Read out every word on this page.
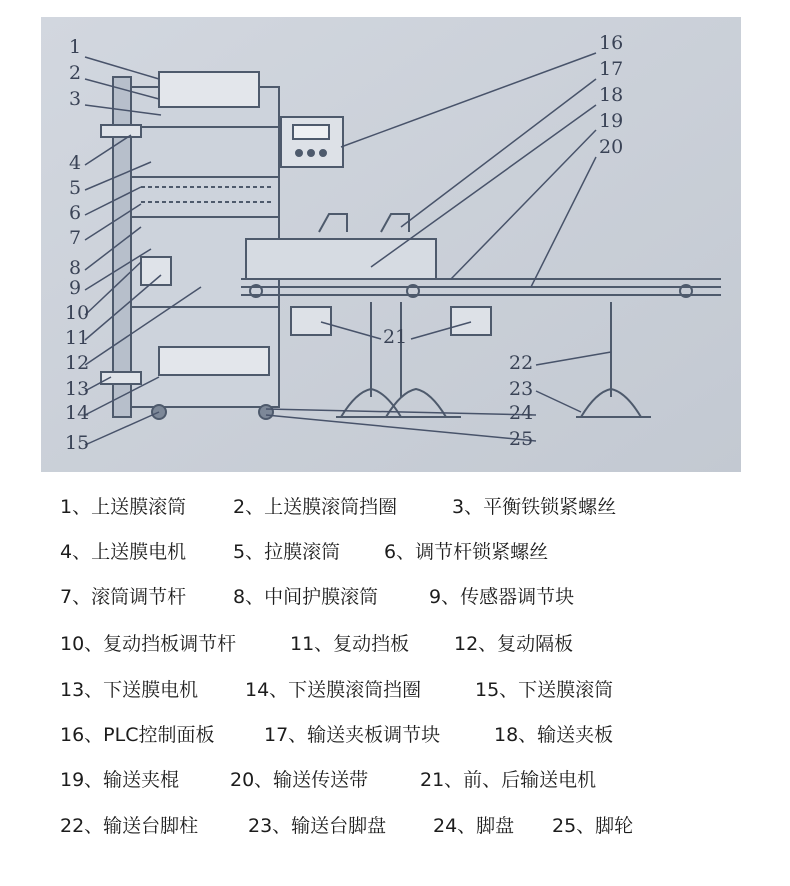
1
2
3
4
5
6
7
8
9
10
11
12
13
14
15
16
17
18
19
20
21
22
23
24
25
1、上送膜滚筒 2、上送膜滚筒挡圈	3、平衡铁锁紧螺丝
4、上送膜电机 5、拉膜滚筒 6、调节杆锁紧螺丝
7、滚筒调节杆 8、中间护膜滚筒	9、传感器调节块
10、复动挡板调节杆	11、复动挡板 12、复动隔板
13、下送膜电机 14、下送膜滚筒挡圈	15、下送膜滚筒
16、PLC控制面板	17、输送夹板调节块	18、输送夹板
19、输送夹棍	20、输送传送带	21、前、后输送电机
22、输送台脚柱	23、输送台脚盘 24、脚盘 25、脚轮
